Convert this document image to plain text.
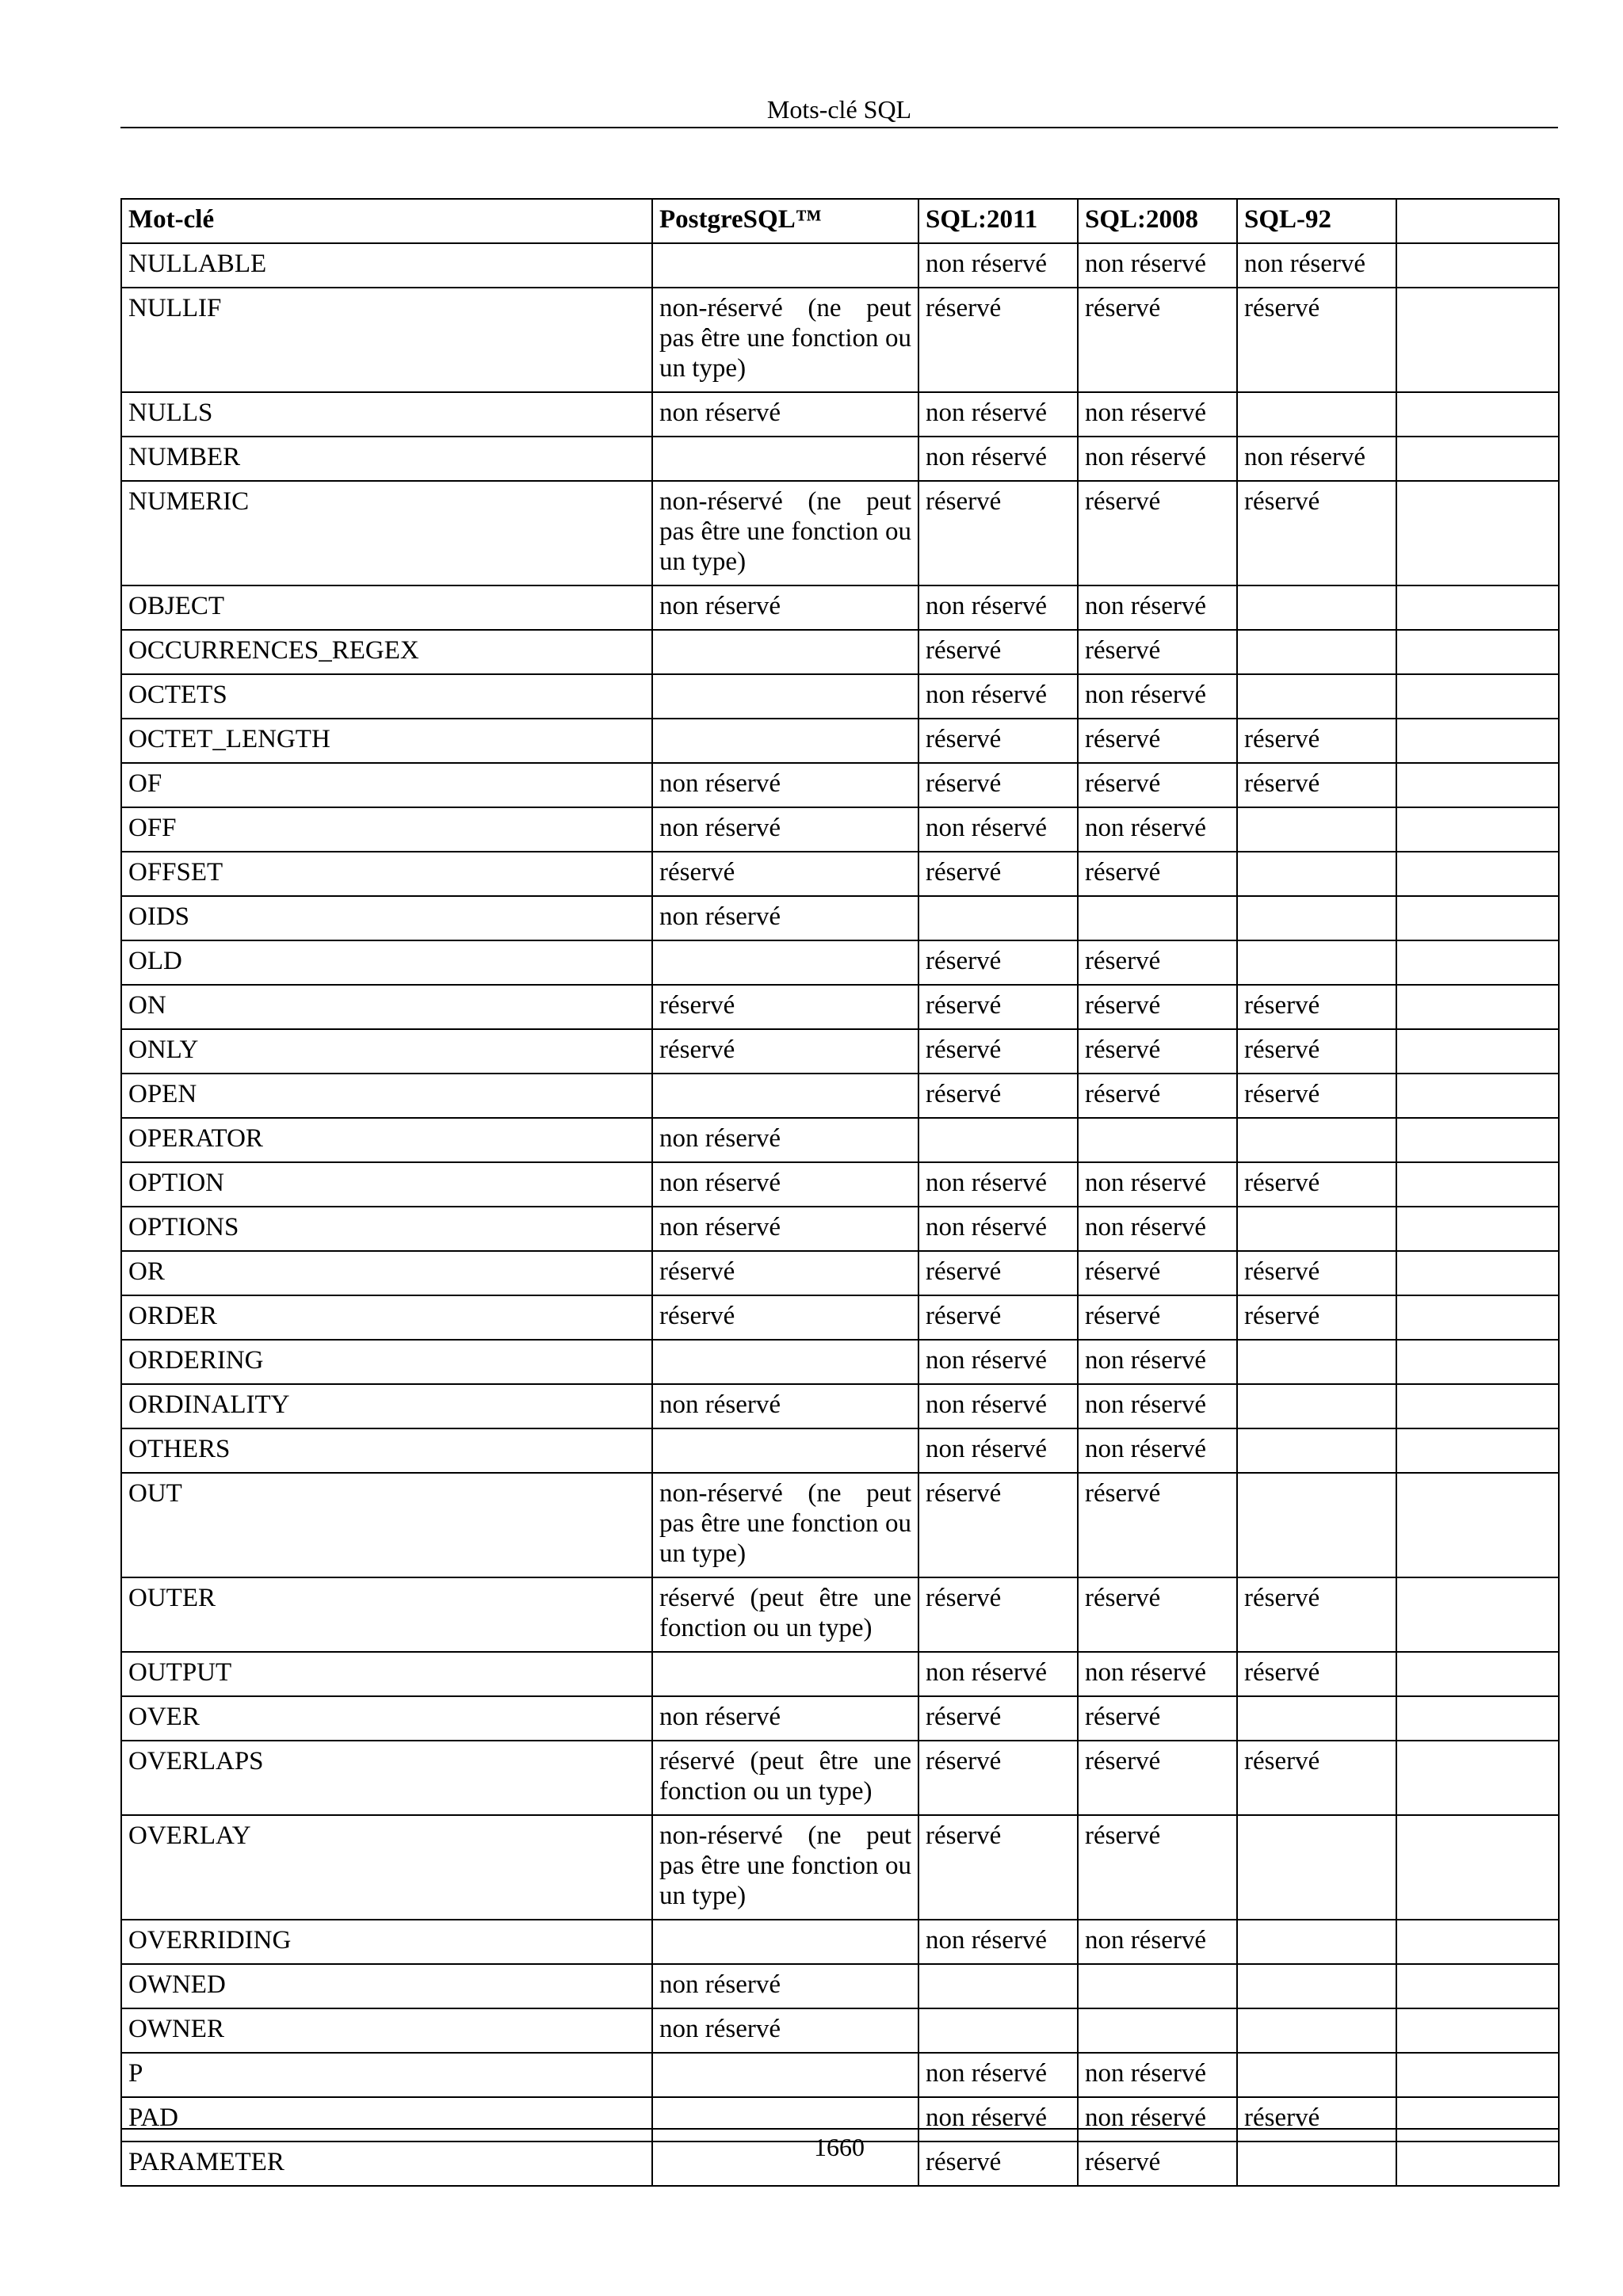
Mots-clé SQL
Mot-clé	PostgreSQL™	SQL:2011	SQL:2008	SQL-92	
NULLABLE		non réservé	non réservé	non réservé	
NULLIF	non-réservé (ne peut pas être une fonction ou un type)	réservé	réservé	réservé	
NULLS	non réservé	non réservé	non réservé		
NUMBER		non réservé	non réservé	non réservé	
NUMERIC	non-réservé (ne peut pas être une fonction ou un type)	réservé	réservé	réservé	
OBJECT	non réservé	non réservé	non réservé		
OCCURRENCES_REGEX		réservé	réservé		
OCTETS		non réservé	non réservé		
OCTET_LENGTH		réservé	réservé	réservé	
OF	non réservé	réservé	réservé	réservé	
OFF	non réservé	non réservé	non réservé		
OFFSET	réservé	réservé	réservé		
OIDS	non réservé				
OLD		réservé	réservé		
ON	réservé	réservé	réservé	réservé	
ONLY	réservé	réservé	réservé	réservé	
OPEN		réservé	réservé	réservé	
OPERATOR	non réservé				
OPTION	non réservé	non réservé	non réservé	réservé	
OPTIONS	non réservé	non réservé	non réservé		
OR	réservé	réservé	réservé	réservé	
ORDER	réservé	réservé	réservé	réservé	
ORDERING		non réservé	non réservé		
ORDINALITY	non réservé	non réservé	non réservé		
OTHERS		non réservé	non réservé		
OUT	non-réservé (ne peut pas être une fonction ou un type)	réservé	réservé		
OUTER	réservé (peut être une fonction ou un type)	réservé	réservé	réservé	
OUTPUT		non réservé	non réservé	réservé	
OVER	non réservé	réservé	réservé		
OVERLAPS	réservé (peut être une fonction ou un type)	réservé	réservé	réservé	
OVERLAY	non-réservé (ne peut pas être une fonction ou un type)	réservé	réservé		
OVERRIDING		non réservé	non réservé		
OWNED	non réservé				
OWNER	non réservé				
P		non réservé	non réservé		
PAD		non réservé	non réservé	réservé	
PARAMETER		réservé	réservé		
1660
